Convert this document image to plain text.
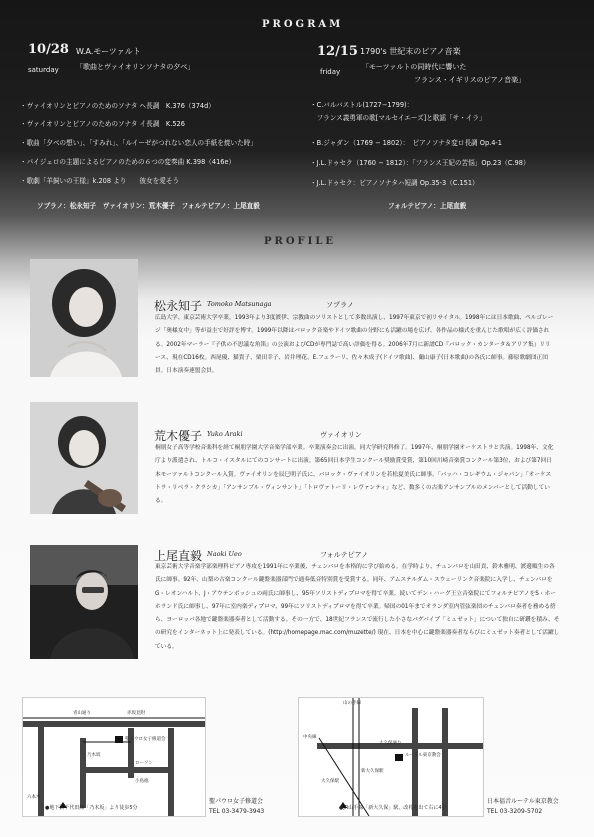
PROGRAM
10/28
saturday
W.A.モーツァルト
「歌曲とヴァイオリンソナタの夕べ」
・ヴァイオリンとピアノのためのソナタ ヘ長調　K.376（374d）
・ヴァイオリンとピアノのためのソナタ イ長調　K.526
・歌曲「夕べの想い」、「すみれ」、「ルイーゼがつれない恋人の手紙を焼いた時」
・パイジェロの主題によるピアノのための６つの変奏曲 K.398（416e）
・歌劇「羊飼いの王様」k.208 より　　彼女を愛そう
ソプラノ：松永知子　ヴァイオリン：荒木優子　フォルテピアノ：上尾直毅
12/15
friday
1790's 世紀末のピアノ音楽
「モーツァルトの同時代に響いた
フランス・イギリスのピアノ音楽」
・C.バルバストル(1727−1799)：
　フランス義勇軍の歌[マルセイエーズ]と歌謡「サ・イラ」
・B.ジャダン（1769 − 1802）：　ピアノソナタ変ロ長調 Op.4-1
・J.L.ドゥセク（1760 − 1812）：「フランス王妃の苦悩」Op.23（C.98）
・J.L.ドゥセク：ピアノソナタハ短調 Op.35-3（C.151）
フォルテピアノ：上尾直毅
PROFILE
松永知子 Tomoko Matsunaga	ソプラノ
広島大学、東京芸術大学卒業。1993年より3度渡伊、宗教曲のソリストとして多数出演し、1997年東京で初リサイタル。1998年には日本歌曲、ペルゴレージ「奥様女中」等が益圭で好評を博す。1999年以降はバロック音楽やドイツ歌曲の分野にも活躍の場を広げ、各作品の様式を重んじた歌唱が広く評価される。2002年マーラー『子供の不思議な角笛』の公演およびCDが専門誌で高い評価を得る。2006年7月に新譜CD『バロック・カンタータ＆アリア集』リリース、現在CD16枚。西尾優、猫貴子、栗田幸子、岩井理花、E.フェラーリ、佐々木成子(ドイツ歌曲)、蘭山康子(日本歌曲)の各氏に師事。藤原歌劇団正団員。日本演奏連盟会員。
荒木優子 Yuko Araki	ヴァイオリン
桐朋女子高等学校音楽科を経て桐朋学園大学音楽学部卒業。卒業演奏会に出演。同大学研究科修了。1997年、桐朋学園オーケストラと共演。1998年、文化庁より派遣され、トルコ・イスタルにてのコンサートに出演。第65回日本学生コンクール奨励賞受賞、第10回川崎音楽賞コンクール第3位、および第7回日本モーツァルトコンクール入賞。ヴァイオリンを辰巳明子氏に、バロック・ヴァイオリンを若松夏美氏に師事。「バッハ・コレギウム・ジャパン」「オーケストラ・リベラ・クラシカ」「アンサンブル・ヴィンサント」「トロヴァトーリ・レヴァンティ」など、数多くの古楽アンサンブルのメンバーとして活動している。
上尾直毅 Naoki Ueo	フォルテピアノ
東京芸術大学音楽学部楽理科ピアノ専攻を1991年に卒業後、チェンバロを本格的に学び始める。在学時より、チェンバロを山田貢、鈴木雅明、渡邊順生の各氏に師事。92年、山梨の古楽コンクール鍵盤楽器部門で通奏低音特別賞を受賞する。同年、アムステルダム・スウェーリンク音楽院に入学し、チェンバロをG・レオンハルト、J・アウテンボッシュの両氏に師事し、95年ソリストディプロマを得て卒業。続いてデン・ハーグ王立音楽院にてフォルテピアノをS・ホーホランド氏に師事し、97年に室内楽ディプロマ、99年にソリストディプロマを得て卒業。帰国の01年までオランダ室内管弦楽団のチェンバロ奏者を務める傍ら、ヨーロッパ各地で鍵盤楽器奏者として活動する。その一方で、18世紀フランスで流行した小さなバグパイプ「ミュゼット」について独自に研鑽を積み、その研究をインターネット上に発表している。(http://homepage.mac.com/muzette/) 現在、日本を中心に鍵盤楽器奏者ならびにミュゼット奏者として活躍している。
青山通り	赤坂見附
乃木坂
聖パウロ女子修道会
六本木
小島徳
ローソン
●地下鉄千代田線「乃木坂」より徒歩5分
聖パウロ女子修道会
TEL 03-3479-3943
山の手線
中央線
大久保通り
ルーテル東京教会
新大久保駅
大久保駅
●JR山手線「新大久保」駅、改札を出て右に4分
日本福音ルーテル東京教会
TEL 03-3209-5702
